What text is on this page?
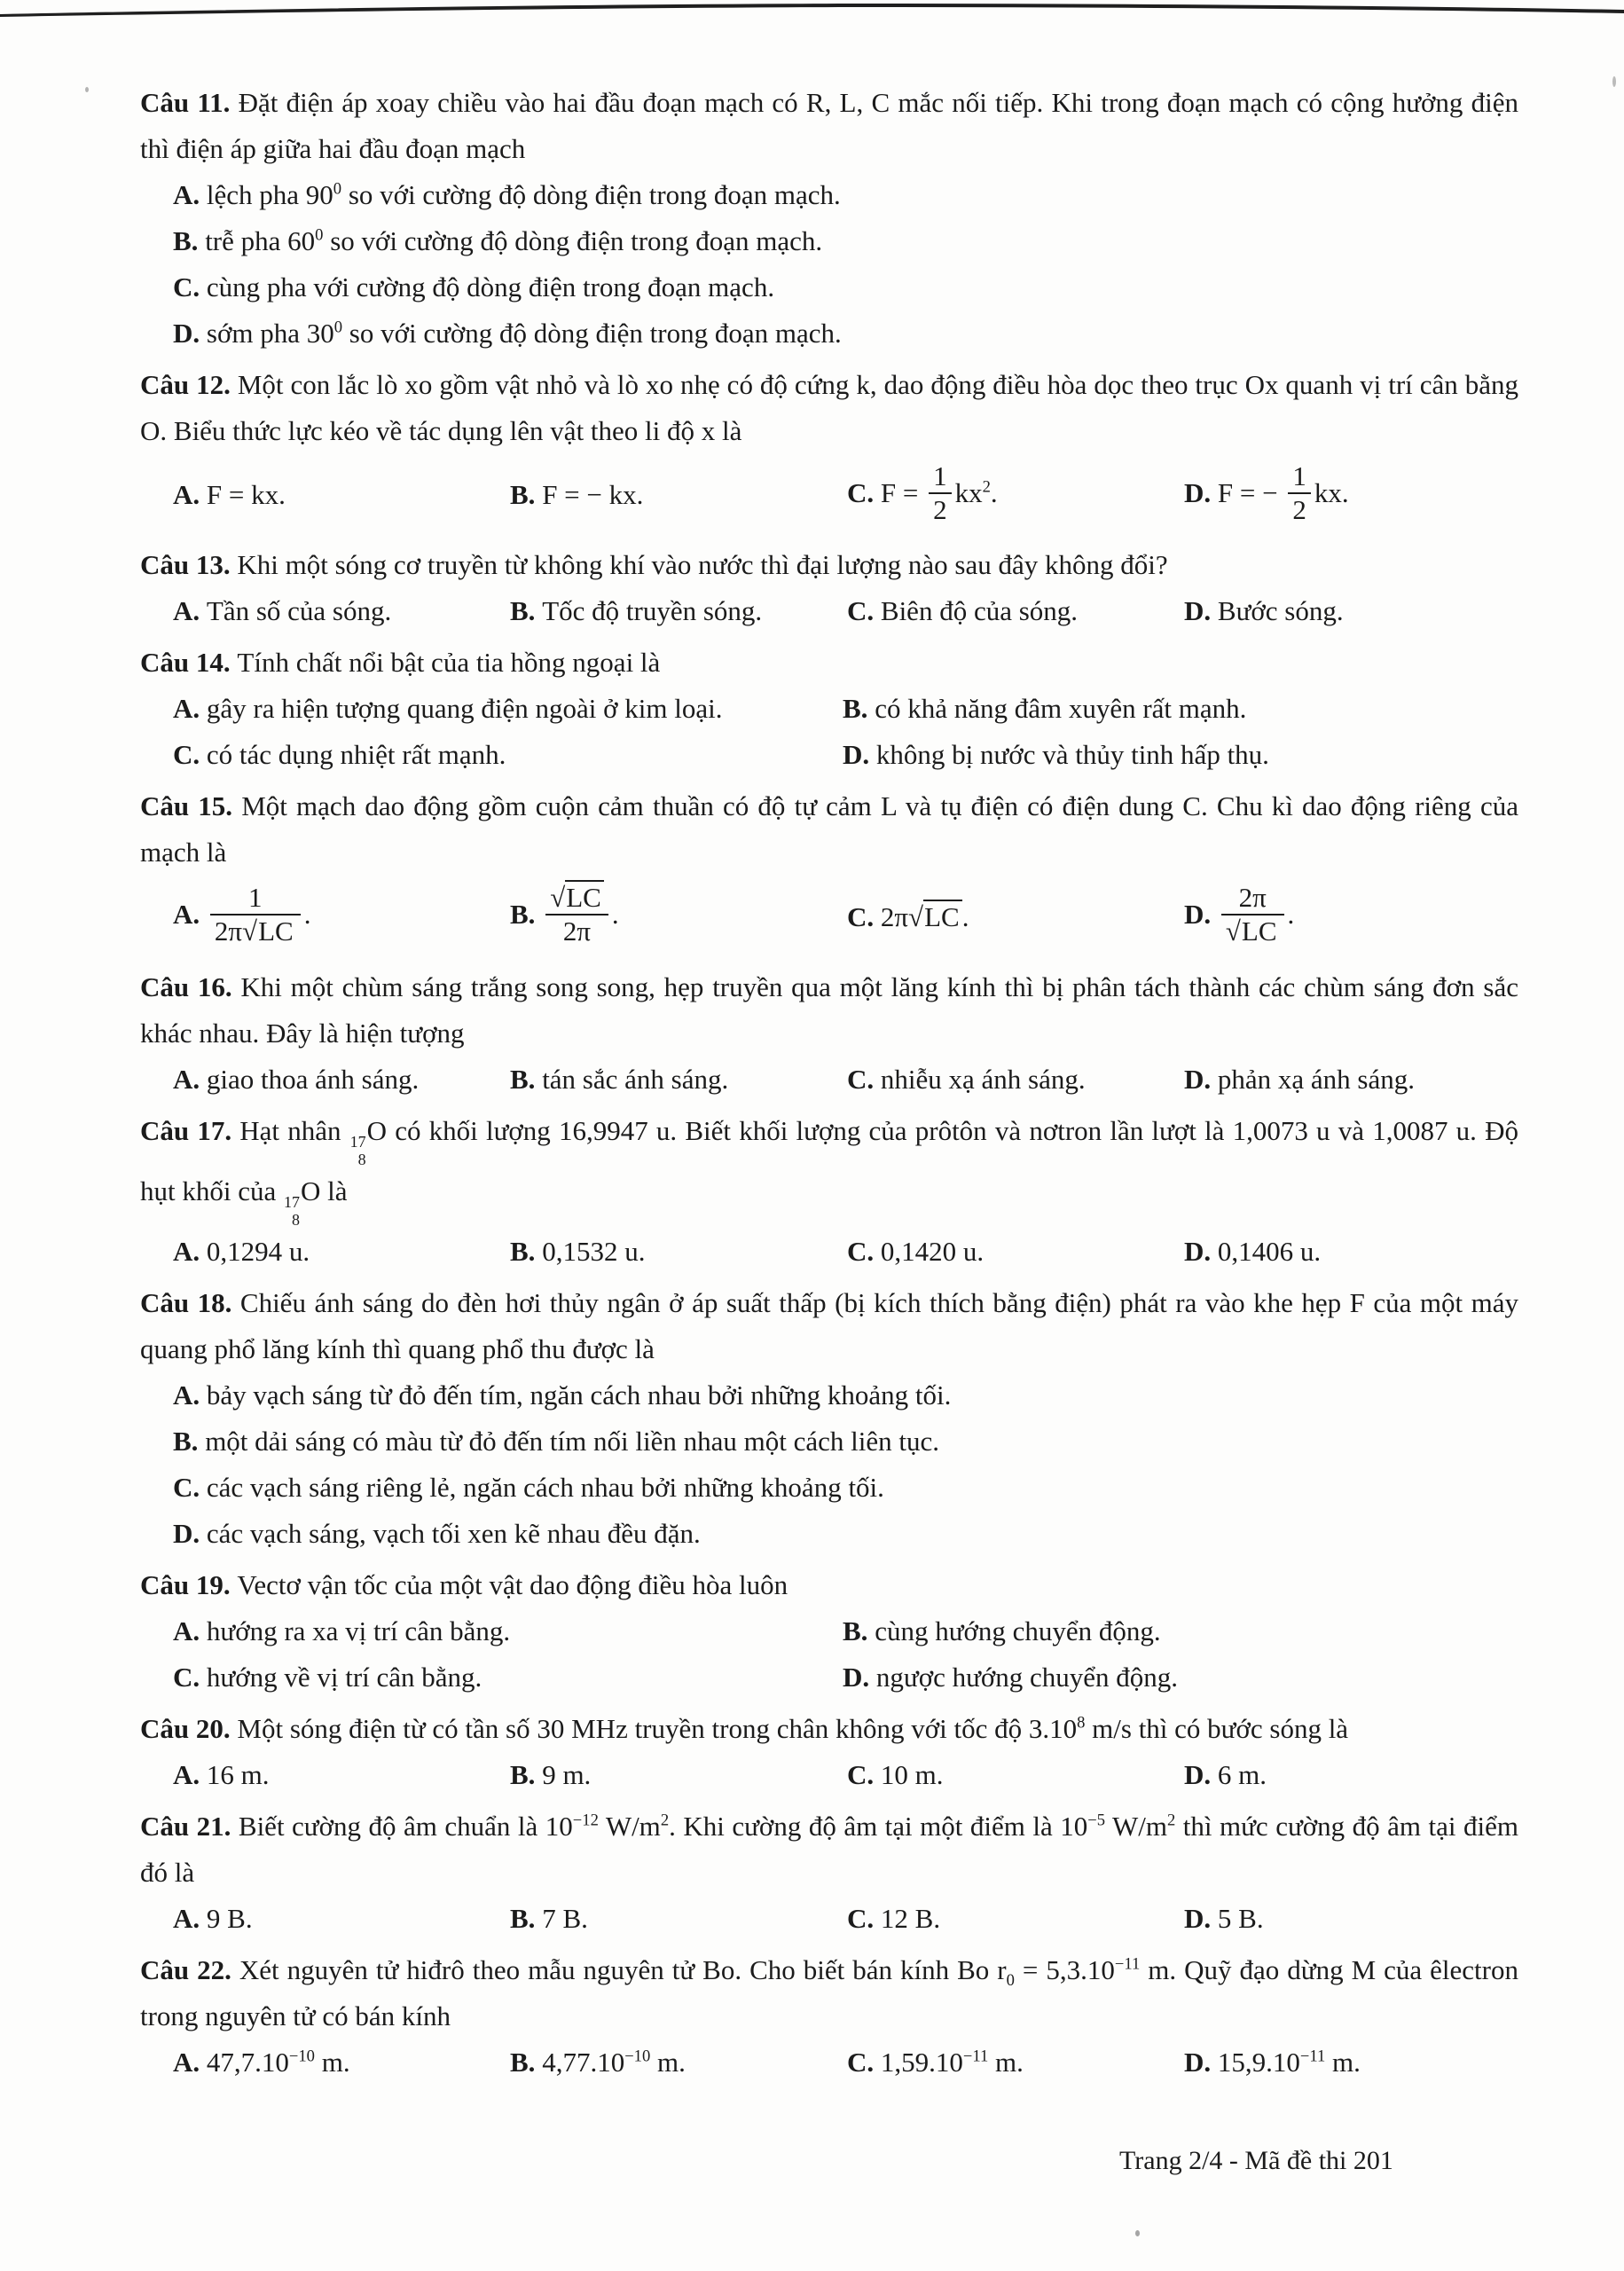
Câu 11. Đặt điện áp xoay chiều vào hai đầu đoạn mạch có R, L, C mắc nối tiếp. Khi trong đoạn mạch có cộng hưởng điện thì điện áp giữa hai đầu đoạn mạch
A. lệch pha $90^0$ so với cường độ dòng điện trong đoạn mạch.
B. trễ pha $60^0$ so với cường độ dòng điện trong đoạn mạch.
C. cùng pha với cường độ dòng điện trong đoạn mạch.
D. sớm pha $30^0$ so với cường độ dòng điện trong đoạn mạch.
Câu 12. Một con lắc lò xo gồm vật nhỏ và lò xo nhẹ có độ cứng k, dao động điều hòa dọc theo trục Ox quanh vị trí cân bằng O. Biểu thức lực kéo về tác dụng lên vật theo li độ x là
A. F = kx.	B. F = − kx.	C. $F = \frac{1}{2} kx^2$.	D. F = − $\frac{1}{2}$ kx.
Câu 13. Khi một sóng cơ truyền từ không khí vào nước thì đại lượng nào sau đây không đổi?
A. Tần số của sóng.	B. Tốc độ truyền sóng.	C. Biên độ của sóng.	D. Bước sóng.
Câu 14. Tính chất nổi bật của tia hồng ngoại là
A. gây ra hiện tượng quang điện ngoài ở kim loại.	B. có khả năng đâm xuyên rất mạnh.
C. có tác dụng nhiệt rất mạnh.	D. không bị nước và thủy tinh hấp thụ.
Câu 15. Một mạch dao động gồm cuộn cảm thuần có độ tự cảm L và tụ điện có điện dung C. Chu kì dao động riêng của mạch là
A. $\frac{1}{2\pi√LC}$ .	B. $\frac{√LC}{2\pi}$ .	C. 2π√LC.	D. $\frac{2\pi}{√LC}$ .
Câu 16. Khi một chùm sáng trắng song song, hẹp truyền qua một lăng kính thì bị phân tách thành các chùm sáng đơn sắc khác nhau. Đây là hiện tượng
A. giao thoa ánh sáng.	B. tán sắc ánh sáng.	C. nhiễu xạ ánh sáng.	D. phản xạ ánh sáng.
Câu 17. Hạt nhân 17
8
O có khối lượng 16,9947 u. Biết khối lượng của prôtôn và nơtron lần lượt là 1,0073 u và 1,0087 u. Độ hụt khối của 17
8
O là
A. 0,1294 u.	B. 0,1532 u.	C. 0,1420 u.	D. 0,1406 u.
Câu 18. Chiếu ánh sáng do đèn hơi thủy ngân ở áp suất thấp (bị kích thích bằng điện) phát ra vào khe hẹp F của một máy quang phổ lăng kính thì quang phổ thu được là
A. bảy vạch sáng từ đỏ đến tím, ngăn cách nhau bởi những khoảng tối.
B. một dải sáng có màu từ đỏ đến tím nối liền nhau một cách liên tục.
C. các vạch sáng riêng lẻ, ngăn cách nhau bởi những khoảng tối.
D. các vạch sáng, vạch tối xen kẽ nhau đều đặn.
Câu 19. Vectơ vận tốc của một vật dao động điều hòa luôn
A. hướng ra xa vị trí cân bằng.	B. cùng hướng chuyển động.
C. hướng về vị trí cân bằng.	D. ngược hướng chuyển động.
Câu 20. Một sóng điện từ có tần số 30 MHz truyền trong chân không với tốc độ 3.10$^8$ m/s thì có bước sóng là
A. 16 m.	B. 9 m.	C. 10 m.	D. 6 m.
Câu 21. Biết cường độ âm chuẩn là $10^{-12}$ $W/m^2$. Khi cường độ âm tại một điểm là $10^{-5}$ $W/m^2$ thì mức cường độ âm tại điểm đó là
A. 9 B.	B. 7 B.	C. 12 B.	D. 5 B.
Câu 22. Xét nguyên tử hiđrô theo mẫu nguyên tử Bo. Cho biết bán kính Bo $r_0 = 5,3.10^{-11}$ m. Quỹ đạo dừng M của êlectron trong nguyên tử có bán kính
A. $47,7.10^{-10}$ m.	B. $4,77.10^{-10}$ m.	C. $1,59.10^{-11}$ m.	D. $15,9.10^{-11}$ m.
Trang 2/4 - Mã đề thi 201
